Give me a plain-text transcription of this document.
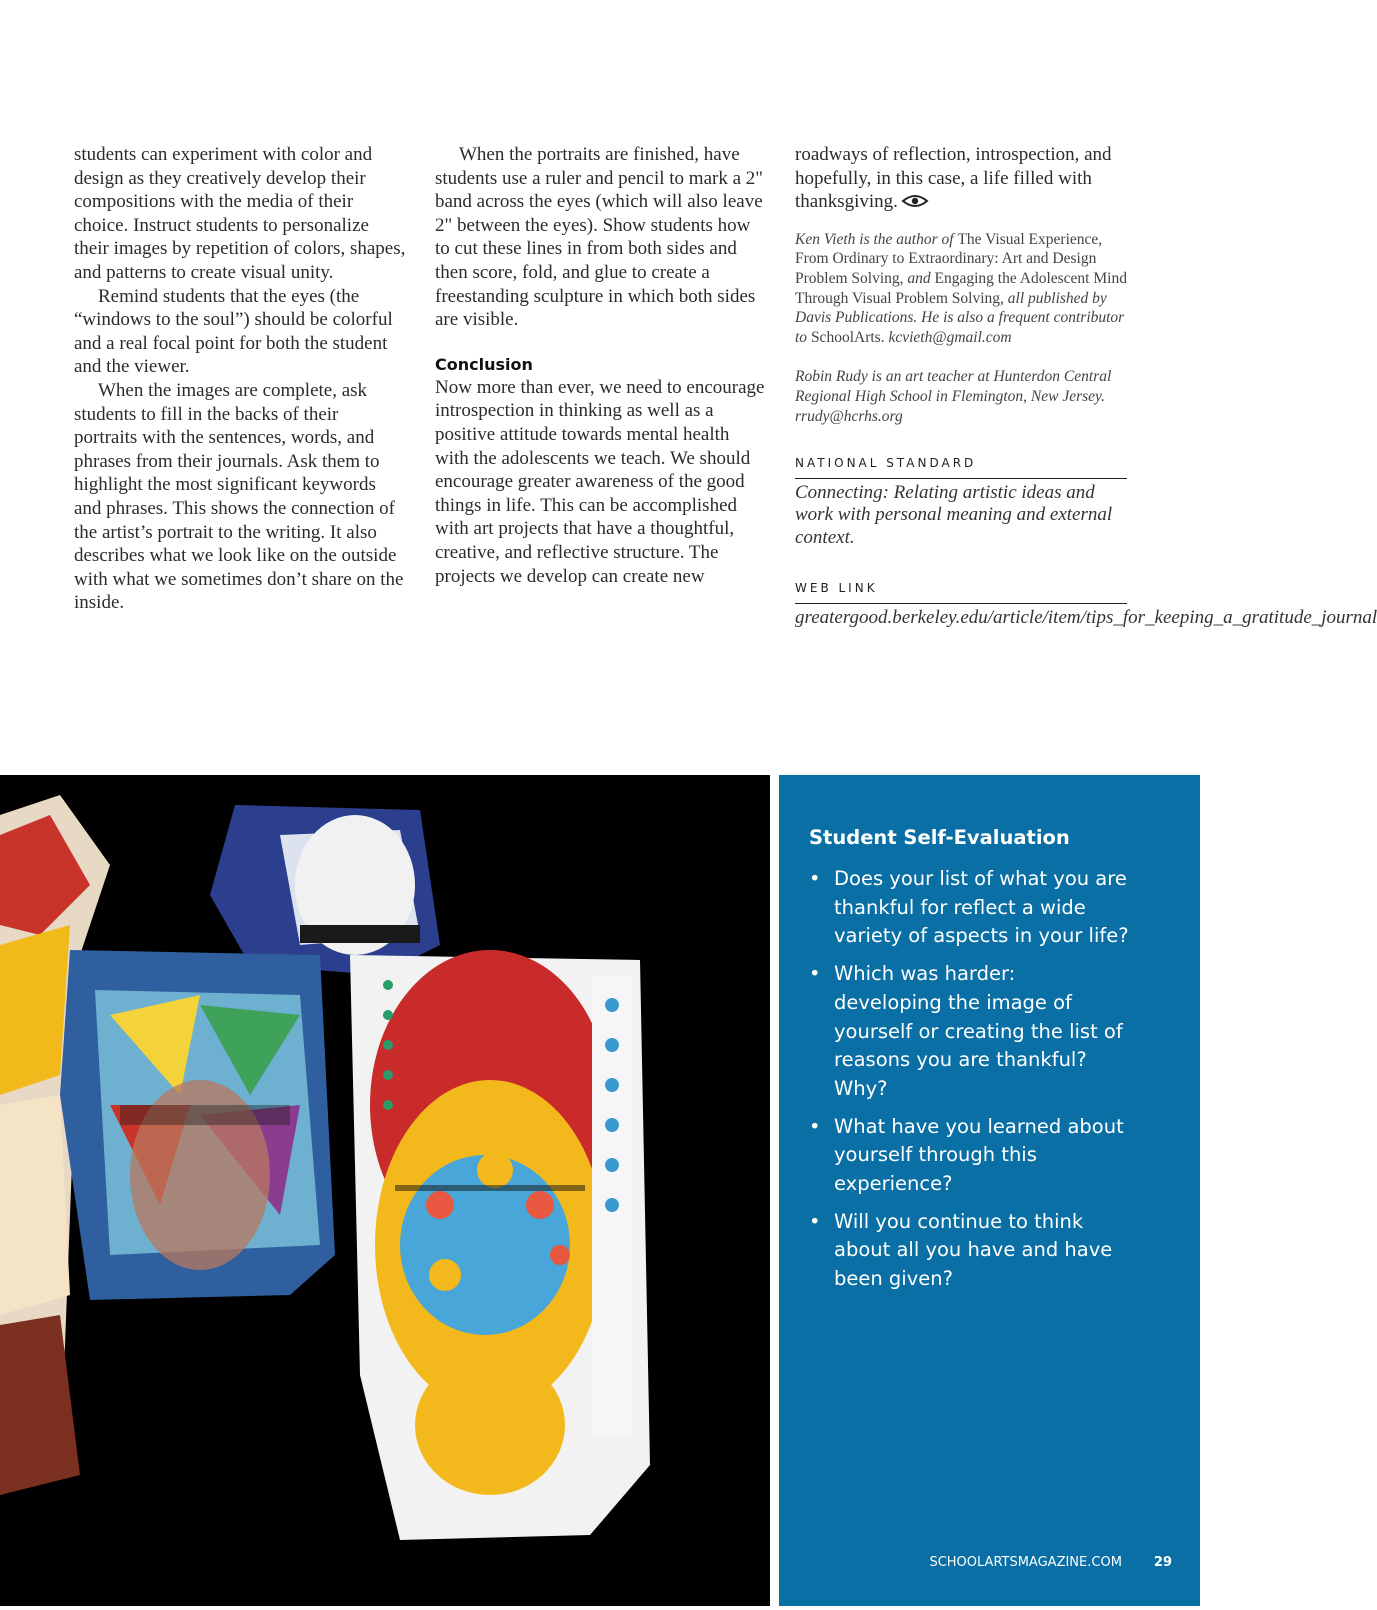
students can experiment with color and design as they creatively develop their compositions with the media of their choice. Instruct students to personalize their images by repetition of colors, shapes, and patterns to create visual unity.

Remind students that the eyes (the “windows to the soul”) should be colorful and a real focal point for both the student and the viewer.

When the images are complete, ask students to fill in the backs of their portraits with the sentences, words, and phrases from their journals. Ask them to highlight the most significant keywords and phrases. This shows the connection of the artist’s portrait to the writing. It also describes what we look like on the outside with what we sometimes don’t share on the inside.

When the portraits are finished, have students use a ruler and pencil to mark a 2" band across the eyes (which will also leave 2" between the eyes). Show students how to cut these lines in from both sides and then score, fold, and glue to create a freestanding sculpture in which both sides are visible.

Conclusion

Now more than ever, we need to encourage introspection in thinking as well as a positive attitude towards mental health with the adolescents we teach. We should encourage greater awareness of the good things in life. This can be accomplished with art projects that have a thoughtful, creative, and reflective structure. The projects we develop can create new

roadways of reflection, introspection, and hopefully, in this case, a life filled with thanksgiving.

Ken Vieth is the author of The Visual Experience, From Ordinary to Extraordinary: Art and Design Problem Solving, and Engaging the Adolescent Mind Through Visual Problem Solving, all published by Davis Publications. He is also a frequent contributor to SchoolArts. kcvieth@gmail.com
Robin Rudy is an art teacher at Hunterdon Central Regional High School in Flemington, New Jersey. rrudy@hcrhs.org
NATIONAL STANDARD
Connecting: Relating artistic ideas and work with personal meaning and external context.
WEB LINK
greatergood.berkeley.edu/article/item/tips_for_keeping_a_gratitude_journal
Student Self-Evaluation
• Does your list of what you are thankful for reflect a wide variety of aspects in your life?
• Which was harder: developing the image of yourself or creating the list of reasons you are thankful? Why?
• What have you learned about yourself through this experience?
• Will you continue to think about all you have and have been given?
SCHOOLARTSMAGAZINE.COM 29
